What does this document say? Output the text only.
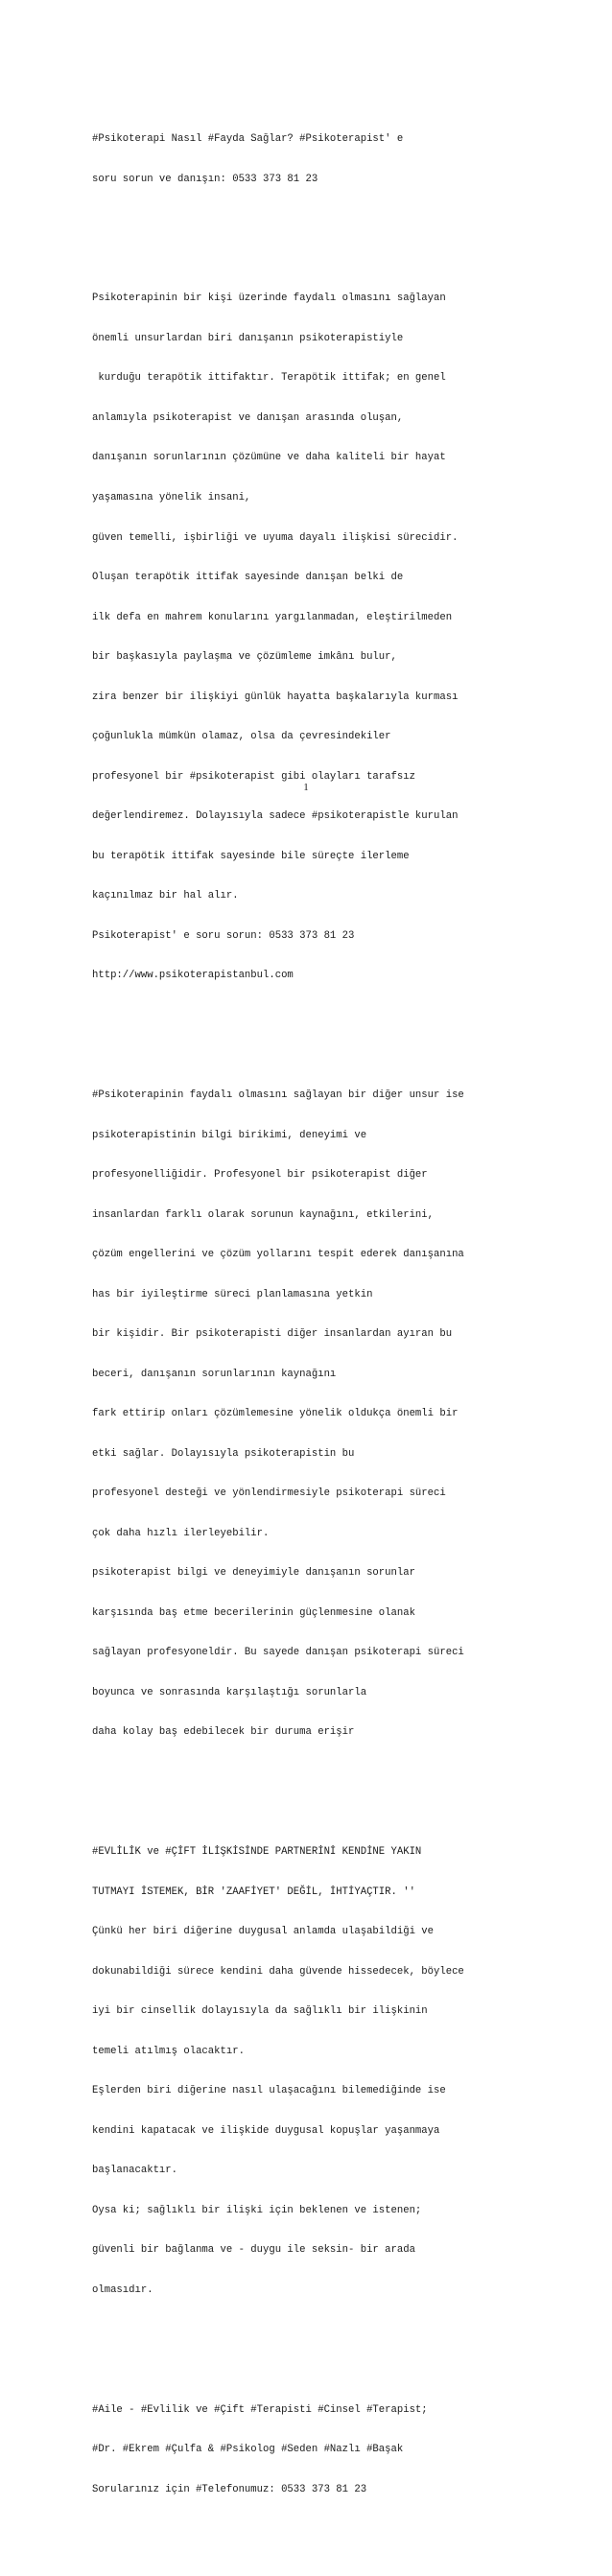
#Psikoterapi Nasıl #Fayda Sağlar? #Psikoterapist' e

soru sorun ve danışın: 0533 373 81 23

Psikoterapinin bir kişi üzerinde faydalı olmasını sağlayan

önemli unsurlardan biri danışanın psikoterapistiyle

kurduğu terapötik ittifaktır. Terapötik ittifak; en genel

anlamıyla psikoterapist ve danışan arasında oluşan,

danışanın sorunlarının çözümüne ve daha kaliteli bir hayat

yaşamasına yönelik insani,

güven temelli, işbirliği ve uyuma dayalı ilişkisi sürecidir.

Oluşan terapötik ittifak sayesinde danışan belki de

ilk defa en mahrem konularını yargılanmadan, eleştirilmeden

bir başkasıyla paylaşma ve çözümleme imkânı bulur,

zira benzer bir ilişkiyi günlük hayatta başkalarıyla kurması

çoğunlukla mümkün olamaz, olsa da çevresindekiler

profesyonel bir #psikoterapist gibi olayları tarafsız

değerlendiremez. Dolayısıyla sadece #psikoterapistle kurulan

bu terapötik ittifak sayesinde bile süreçte ilerleme

kaçınılmaz bir hal alır.

Psikoterapist' e soru sorun: 0533 373 81 23

http://www.psikoterapistanbul.com

#Psikoterapinin faydalı olmasını sağlayan bir diğer unsur ise

psikoterapistinin bilgi birikimi, deneyimi ve

profesyonelliğidir. Profesyonel bir psikoterapist diğer

insanlardan farklı olarak sorunun kaynağını, etkilerini,

çözüm engellerini ve çözüm yollarını tespit ederek danışanına

has bir iyileştirme süreci planlamasına yetkin

bir kişidir. Bir psikoterapisti diğer insanlardan ayıran bu

beceri, danışanın sorunlarının kaynağını

fark ettirip onları çözümlemesine yönelik oldukça önemli bir

etki sağlar. Dolayısıyla psikoterapistin bu

profesyonel desteği ve yönlendirmesiyle psikoterapi süreci

çok daha hızlı ilerleyebilir.

psikoterapist bilgi ve deneyimiyle danışanın sorunlar

karşısında baş etme becerilerinin güçlenmesine olanak

sağlayan profesyoneldir. Bu sayede danışan psikoterapi süreci

boyunca ve sonrasında karşılaştığı sorunlarla

daha kolay baş edebilecek bir duruma erişir

#EVLİLİK ve #ÇİFT İLİŞKİSİNDE PARTNERİNİ KENDİNE YAKIN

TUTMAYI İSTEMEK, BİR 'ZAAFİYET' DEĞİL, İHTİYAÇTIR. ''

Çünkü her biri diğerine duygusal anlamda ulaşabildiği ve

dokunabildiği sürece kendini daha güvende hissedecek, böylece

iyi bir cinsellik dolayısıyla da sağlıklı bir ilişkinin

temeli atılmış olacaktır.

Eşlerden biri diğerine nasıl ulaşacağını bilemediğinde ise

kendini kapatacak ve ilişkide duygusal kopuşlar yaşanmaya

başlanacaktır.

Oysa ki; sağlıklı bir ilişki için beklenen ve istenen;

güvenli bir bağlanma ve - duygu ile seksin- bir arada

olmasıdır.

#Aile - #Evlilik ve #Çift #Terapisti #Cinsel #Terapist;

#Dr. #Ekrem #Çulfa & #Psikolog #Seden #Nazlı #Başak

Sorularınız için #Telefonumuz: 0533 373 81 23

1
